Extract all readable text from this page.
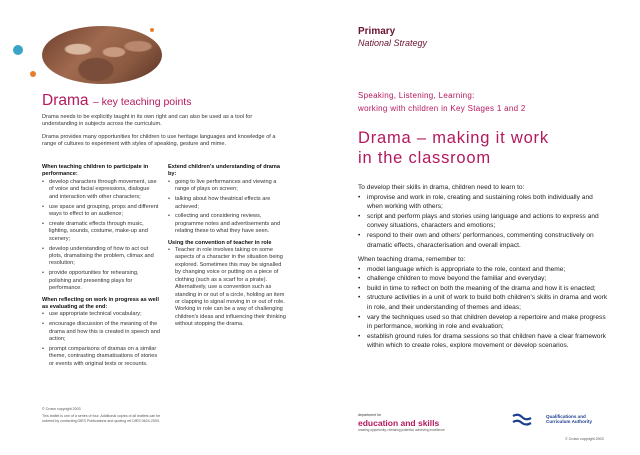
Drama – key teaching points
Drama needs to be explicitly taught in its own right and can also be used as a tool for understanding in subjects across the curriculum.
Drama provides many opportunities for children to use heritage languages and knowledge of a range of cultures to experiment with styles of speaking, gesture and mime.
When teaching children to participate in performance:
• develop characters through movement, use of voice and facial expressions, dialogue and interaction with other characters;
• use space and grouping, props and different ways to effect to an audience;
• create dramatic effects through music, lighting, sounds, costume, make-up and scenery;
• develop understanding of how to act out plots, dramatising the problem, climax and resolution;
• provide opportunities for rehearsing, polishing and presenting plays for performance.
When reflecting on work in progress as well as evaluating at the end:
• use appropriate technical vocabulary;
• encourage discussion of the meaning of the drama and how this is created in speech and action;
• prompt comparisons of dramas on a similar theme, contrasting dramatisations of stories or events with original texts or recounts.
Extend children's understanding of drama by:
• going to live performances and viewing a range of plays on screen;
• talking about how theatrical effects are achieved;
• collecting and considering reviews, programme notes and advertisements and relating these to what they have seen.
Using the convention of teacher in role
• Teacher in role involves taking on some aspects of a character in the situation being explored. Sometimes this may be signalled by changing voice or putting on a piece of clothing (such as a scarf for a pirate). Alternatively, use a convention such as standing in or out of a circle, holding an item or clapping to signal moving in or out of role. Working in role can be a way of challenging children's ideas and influencing their thinking without stopping the drama.
© Crown copyright 2003
This leaflet is one of a series of four. Additional copies of all leaflets can be ordered by contacting DfES Publications and quoting ref DfES 0624-2003.
Primary
National Strategy
Speaking, Listening, Learning:
working with children in Key Stages 1 and 2
Drama – making it work
in the classroom
To develop their skills in drama, children need to learn to:
• improvise and work in role, creating and sustaining roles both individually and when working with others;
• script and perform plays and stories using language and actions to express and convey situations, characters and emotions;
• respond to their own and others' performances, commenting constructively on dramatic effects, characterisation and overall impact.
When teaching drama, remember to:
• model language which is appropriate to the role, context and theme;
• challenge children to move beyond the familiar and everyday;
• build in time to reflect on both the meaning of the drama and how it is enacted;
• structure activities in a unit of work to build both children's skills in drama and work in role, and their understanding of themes and ideas;
• vary the techniques used so that children develop a repertoire and make progress in performance, working in role and evaluation;
• establish ground rules for drama sessions so that children have a clear framework within which to create roles, explore movement or develop scenarios.
department for
education and skills
creating opportunity, releasing potential, achieving excellence
Qualifications and
Curriculum Authority
© Crown copyright 2003
